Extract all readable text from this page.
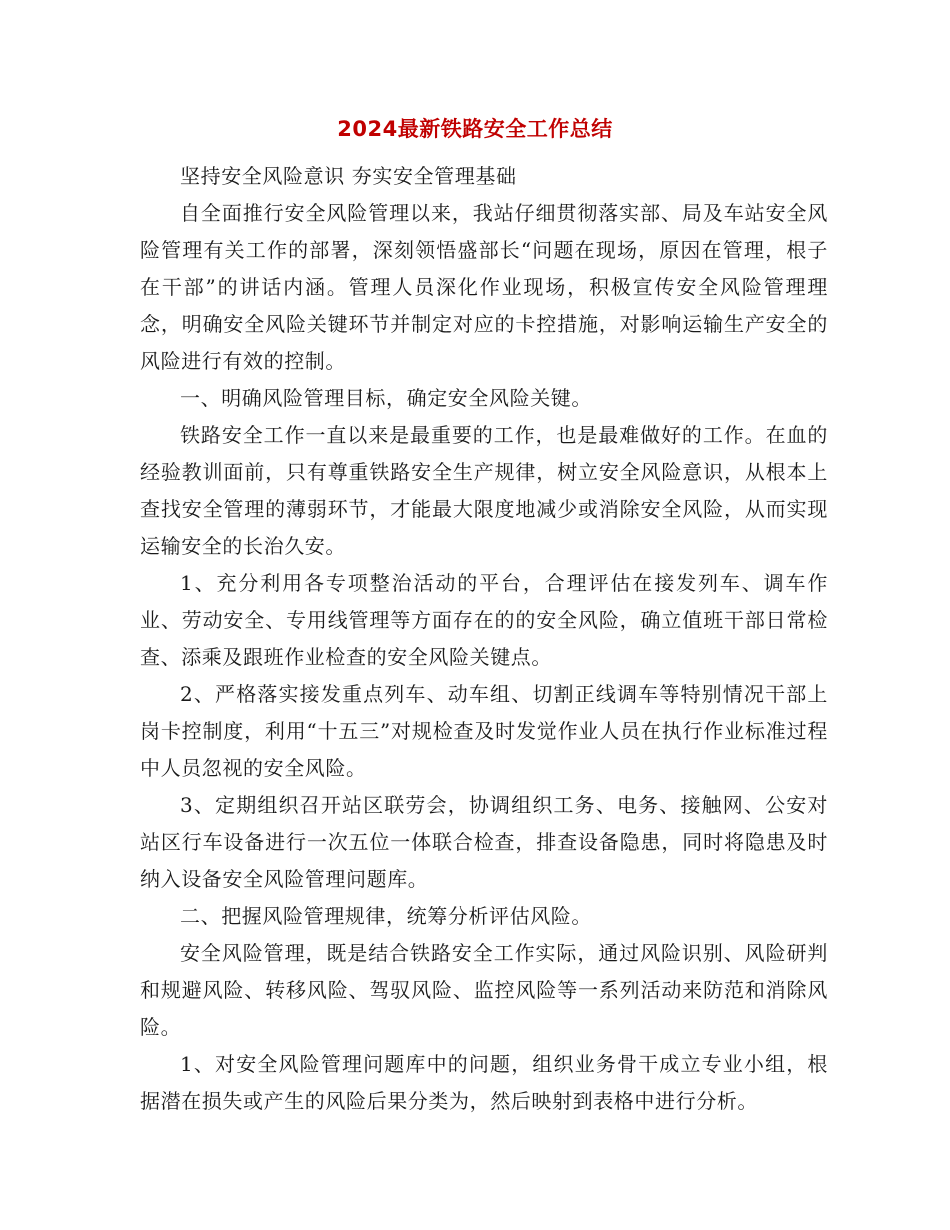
2024最新铁路安全工作总结

坚持安全风险意识 夯实安全管理基础

自全面推行安全风险管理以来，我站仔细贯彻落实部、局及车站安全风险管理有关工作的部署，深刻领悟盛部长“问题在现场，原因在管理，根子在干部”的讲话内涵。管理人员深化作业现场，积极宣传安全风险管理理念，明确安全风险关键环节并制定对应的卡控措施，对影响运输生产安全的风险进行有效的控制。

一、明确风险管理目标，确定安全风险关键。

铁路安全工作一直以来是最重要的工作，也是最难做好的工作。在血的经验教训面前，只有尊重铁路安全生产规律，树立安全风险意识，从根本上查找安全管理的薄弱环节，才能最大限度地减少或消除安全风险，从而实现运输安全的长治久安。

1、充分利用各专项整治活动的平台，合理评估在接发列车、调车作业、劳动安全、专用线管理等方面存在的的安全风险，确立值班干部日常检查、添乘及跟班作业检查的安全风险关键点。

2、严格落实接发重点列车、动车组、切割正线调车等特别情况干部上岗卡控制度，利用“十五三”对规检查及时发觉作业人员在执行作业标准过程中人员忽视的安全风险。

3、定期组织召开站区联劳会，协调组织工务、电务、接触网、公安对站区行车设备进行一次五位一体联合检查，排查设备隐患，同时将隐患及时纳入设备安全风险管理问题库。

二、把握风险管理规律，统筹分析评估风险。

安全风险管理，既是结合铁路安全工作实际，通过风险识别、风险研判和规避风险、转移风险、驾驭风险、监控风险等一系列活动来防范和消除风险。

1、对安全风险管理问题库中的问题，组织业务骨干成立专业小组，根据潜在损失或产生的风险后果分类为，然后映射到表格中进行分析。
